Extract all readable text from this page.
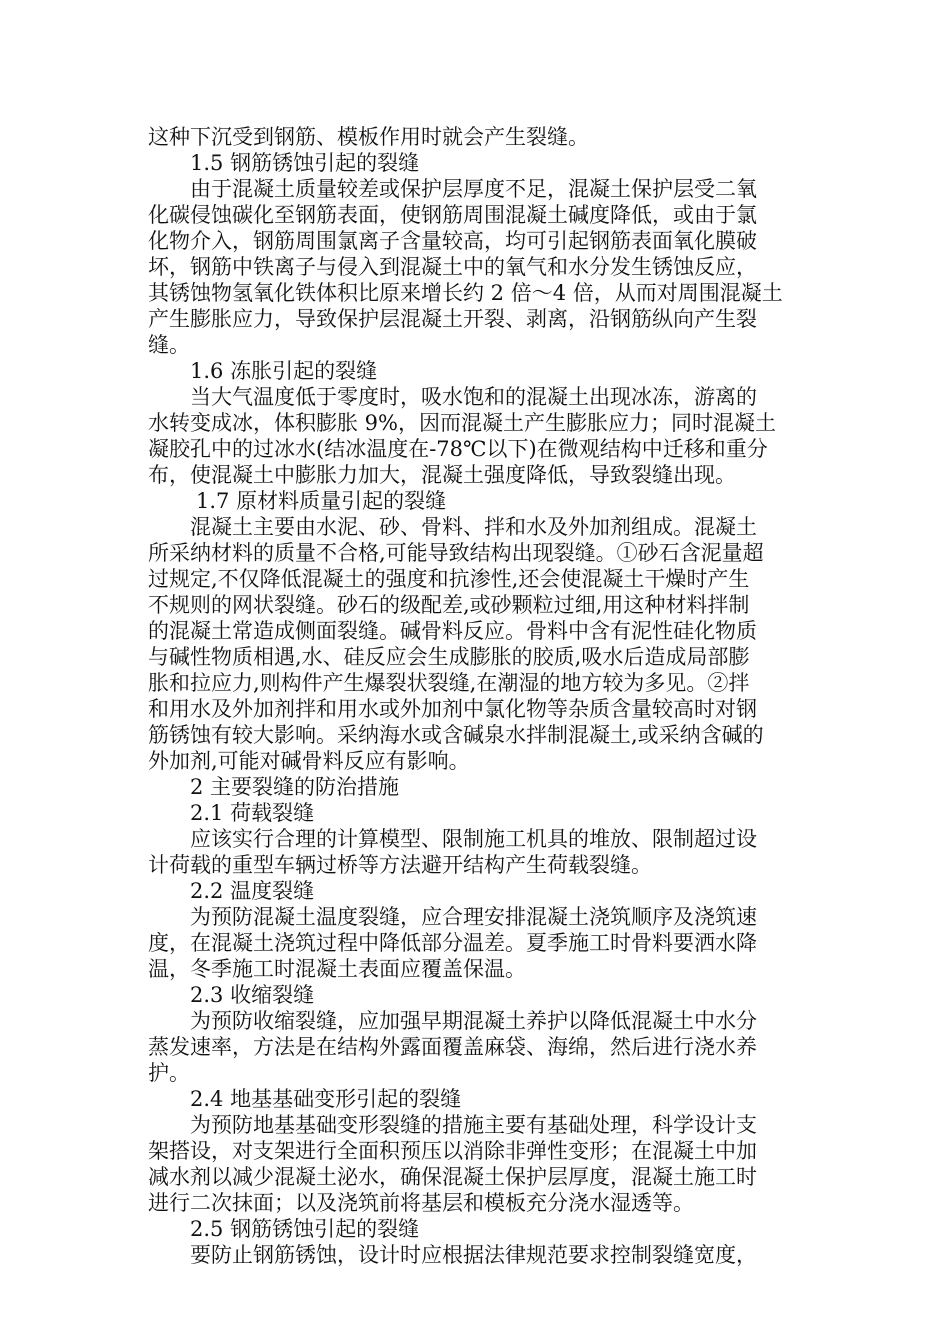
这种下沉受到钢筋、模板作用时就会产生裂缝。
1.5 钢筋锈蚀引起的裂缝
由于混凝土质量较差或保护层厚度不足，混凝土保护层受二氧
化碳侵蚀碳化至钢筋表面，使钢筋周围混凝土碱度降低，或由于氯
化物介入，钢筋周围氯离子含量较高，均可引起钢筋表面氧化膜破
坏，钢筋中铁离子与侵入到混凝土中的氧气和水分发生锈蚀反应，
其锈蚀物氢氧化铁体积比原来增长约 2 倍～4 倍，从而对周围混凝土
产生膨胀应力，导致保护层混凝土开裂、剥离，沿钢筋纵向产生裂
缝。
1.6 冻胀引起的裂缝
当大气温度低于零度时，吸水饱和的混凝土出现冰冻，游离的
水转变成冰，体积膨胀 9%，因而混凝土产生膨胀应力；同时混凝土
凝胶孔中的过冰水(结冰温度在-78℃以下)在微观结构中迁移和重分
布，使混凝土中膨胀力加大，混凝土强度降低，导致裂缝出现。
1.7 原材料质量引起的裂缝
混凝土主要由水泥、砂、骨料、拌和水及外加剂组成。混凝土
所采纳材料的质量不合格,可能导致结构出现裂缝。①砂石含泥量超
过规定,不仅降低混凝土的强度和抗渗性,还会使混凝土干燥时产生
不规则的网状裂缝。砂石的级配差,或砂颗粒过细,用这种材料拌制
的混凝土常造成侧面裂缝。碱骨料反应。骨料中含有泥性硅化物质
与碱性物质相遇,水、硅反应会生成膨胀的胶质,吸水后造成局部膨
胀和拉应力,则构件产生爆裂状裂缝,在潮湿的地方较为多见。②拌
和用水及外加剂拌和用水或外加剂中氯化物等杂质含量较高时对钢
筋锈蚀有较大影响。采纳海水或含碱泉水拌制混凝土,或采纳含碱的
外加剂,可能对碱骨料反应有影响。
2 主要裂缝的防治措施
2.1 荷载裂缝
应该实行合理的计算模型、限制施工机具的堆放、限制超过设
计荷载的重型车辆过桥等方法避开结构产生荷载裂缝。
2.2 温度裂缝
为预防混凝土温度裂缝，应合理安排混凝土浇筑顺序及浇筑速
度，在混凝土浇筑过程中降低部分温差。夏季施工时骨料要洒水降
温，冬季施工时混凝土表面应覆盖保温。
2.3 收缩裂缝
为预防收缩裂缝，应加强早期混凝土养护以降低混凝土中水分
蒸发速率，方法是在结构外露面覆盖麻袋、海绵，然后进行浇水养
护。
2.4 地基基础变形引起的裂缝
为预防地基基础变形裂缝的措施主要有基础处理，科学设计支
架搭设，对支架进行全面积预压以消除非弹性变形；在混凝土中加
减水剂以减少混凝土泌水，确保混凝土保护层厚度，混凝土施工时
进行二次抹面；以及浇筑前将基层和模板充分浇水湿透等。
2.5 钢筋锈蚀引起的裂缝
要防止钢筋锈蚀，设计时应根据法律规范要求控制裂缝宽度，
